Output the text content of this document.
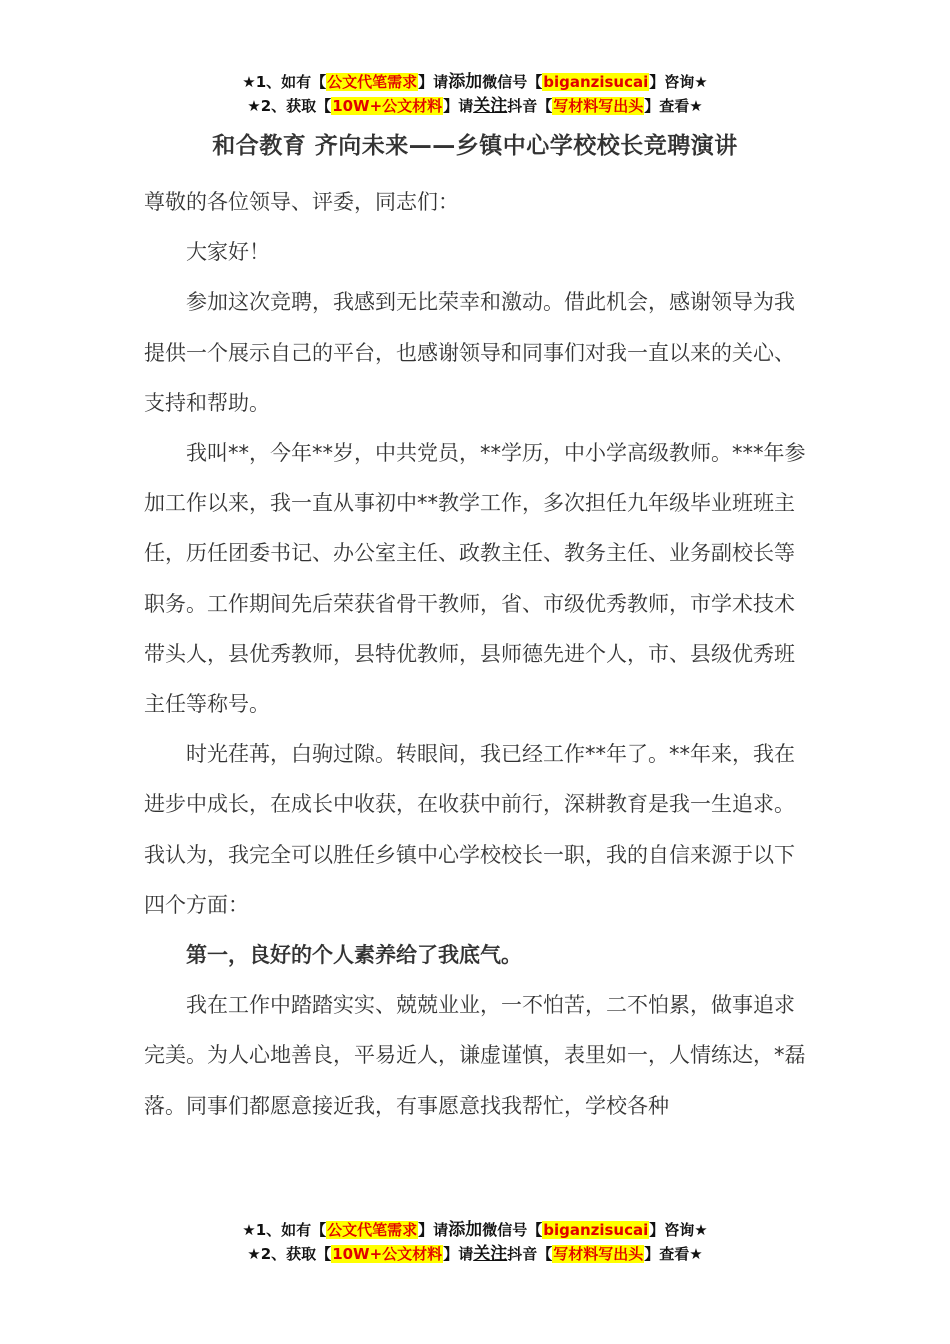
★1、如有【公文代笔需求】请添加微信号【biganzisucai】咨询★
★2、获取【10W+公文材料】请关注抖音【写材料写出头】查看★
和合教育 齐向未来——乡镇中心学校校长竞聘演讲

尊敬的各位领导、评委，同志们：

大家好！

参加这次竞聘，我感到无比荣幸和激动。借此机会，感谢领导为我提供一个展示自己的平台，也感谢领导和同事们对我一直以来的关心、支持和帮助。

我叫**，今年**岁，中共党员，**学历，中小学高级教师。***年参加工作以来，我一直从事初中**教学工作，多次担任九年级毕业班班主任，历任团委书记、办公室主任、政教主任、教务主任、业务副校长等职务。工作期间先后荣获省骨干教师，省、市级优秀教师，市学术技术带头人，县优秀教师，县特优教师，县师德先进个人，市、县级优秀班主任等称号。

时光荏苒，白驹过隙。转眼间，我已经工作**年了。**年来，我在进步中成长，在成长中收获，在收获中前行，深耕教育是我一生追求。我认为，我完全可以胜任乡镇中心学校校长一职，我的自信来源于以下四个方面：

第一，良好的个人素养给了我底气。

我在工作中踏踏实实、兢兢业业，一不怕苦，二不怕累，做事追求完美。为人心地善良，平易近人，谦虚谨慎，表里如一，人情练达，*磊落。同事们都愿意接近我，有事愿意找我帮忙，学校各种

★1、如有【公文代笔需求】请添加微信号【biganzisucai】咨询★
★2、获取【10W+公文材料】请关注抖音【写材料写出头】查看★
